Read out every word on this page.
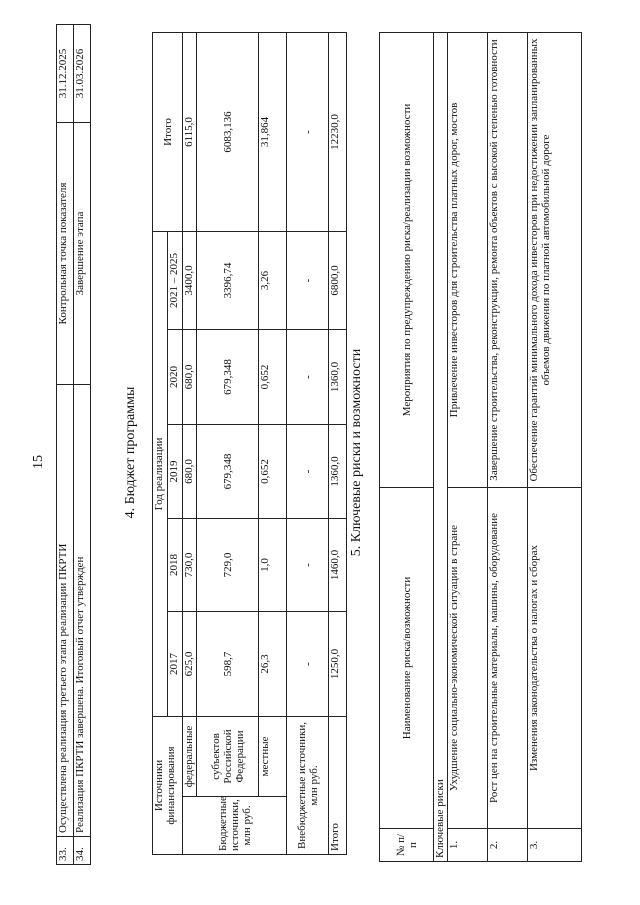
15
33.	Осуществлена реализация третьего этапа реализации ПКРТИ	Контрольная точка показателя	31.12.2025
34.	Реализация ПКРТИ завершена. Итоговый отчет утвержден	Завершение этапа	31.03.2026
4. Бюджет программы
Источники финансирования		Год реализации					Итого
		2017	2018	2019	2020	2021 – 2025	
Бюджетные источники, млн руб.	федеральные	625,0	730,0	680,0	680,0	3400,0	6115,0
	субъектов Российской Федерации	598,7	729,0	679,348	679,348	3396,74	6083,136
	местные	26,3	1,0	0,652	0,652	3,26	31,864
Внебюджетные источники, млн руб.		-	-	-	-	-	-
Итого		1250,0	1460,0	1360,0	1360,0	6800,0	12230,0
5. Ключевые риски и возможности
№ п/п	Наименование риска/возможности	Мероприятия по предупреждению риска/реализации возможности
Ключевые риски		
1.	Ухудшение социально-экономической ситуации в стране	Привлечение инвесторов для строительства платных дорог, мостов
2.	Рост цен на строительные материалы, машины, оборудование	Завершение строительства, реконструкции, ремонта объектов с высокой степенью готовности
3.	Изменения законодательства о налогах и сборах	Обеспечение гарантий минимального дохода инвесторов при недостижении запланированных объемов движения по платной автомобильной дороге
